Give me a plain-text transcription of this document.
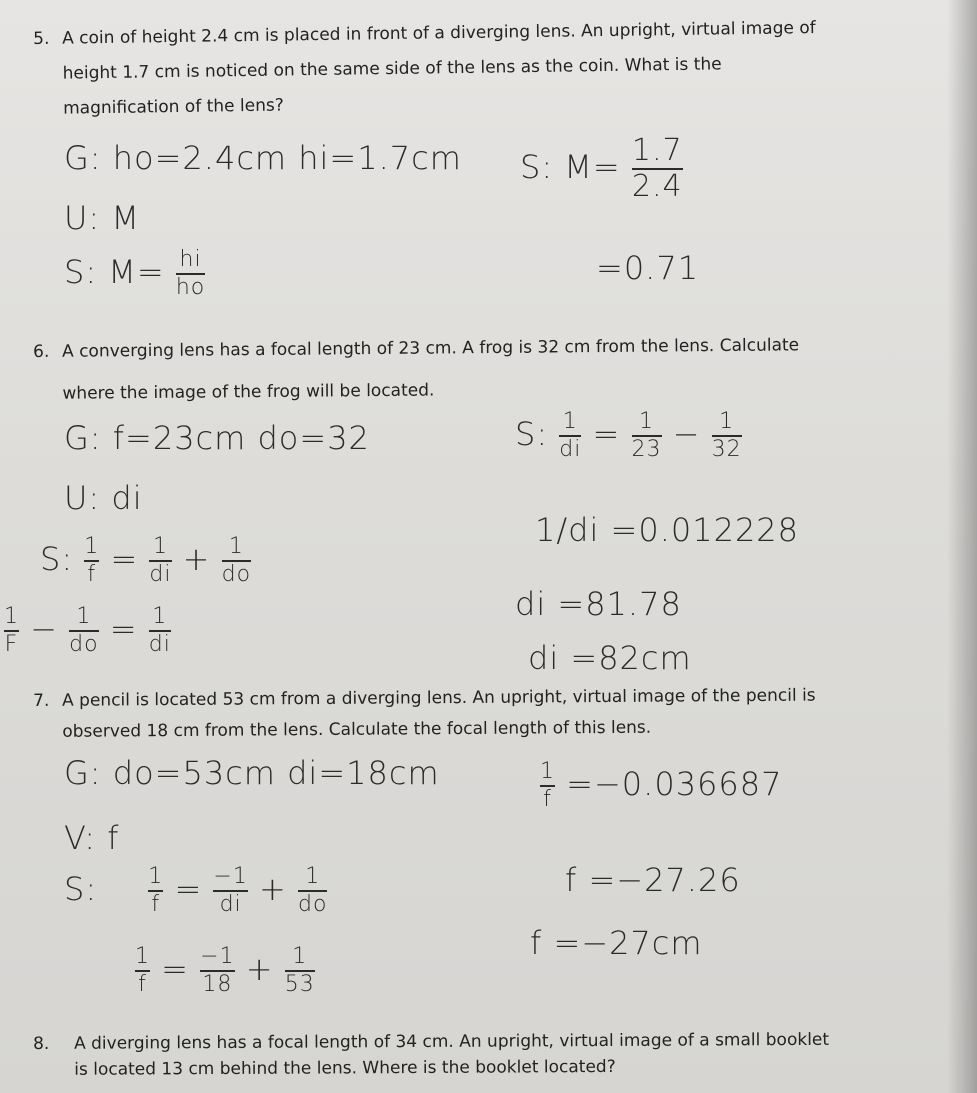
5. A coin of height 2.4 cm is placed in front of a diverging lens. An upright, virtual image of
height 1.7 cm is noticed on the same side of the lens as the coin. What is the
magnification of the lens?
G: ho=2.4cm hi=1.7cm
U: M
S: $M= \frac{hi}{ho}$
S: $M= \frac{1.7}{2.4}$
=0.71
6. A converging lens has a focal length of 23 cm. A frog is 32 cm from the lens. Calculate
where the image of the frog will be located.
G: f=23cm do=32
U: di
S: $\frac{1}{f} = \frac{1}{di} + \frac{1}{do}$
$\frac{1}{F} - \frac{1}{do} = \frac{1}{di}$
S: $\frac{1}{di} = \frac{1}{23} - \frac{1}{32}$
1/di =0.012228
di =81.78
di =82cm
7. A pencil is located 53 cm from a diverging lens. An upright, virtual image of the pencil is
observed 18 cm from the lens. Calculate the focal length of this lens.
G: do=53cm di=18cm
V: f
S: $\frac{1}{f} = \frac{-1}{di} + \frac{1}{do}$
$\frac{1}{f} = \frac{-1}{18} + \frac{1}{53}$
$\frac{1}{f} =-0.036687$
f =−27.26
f =−27cm
8. A diverging lens has a focal length of 34 cm. An upright, virtual image of a small booklet
is located 13 cm behind the lens. Where is the booklet located?
